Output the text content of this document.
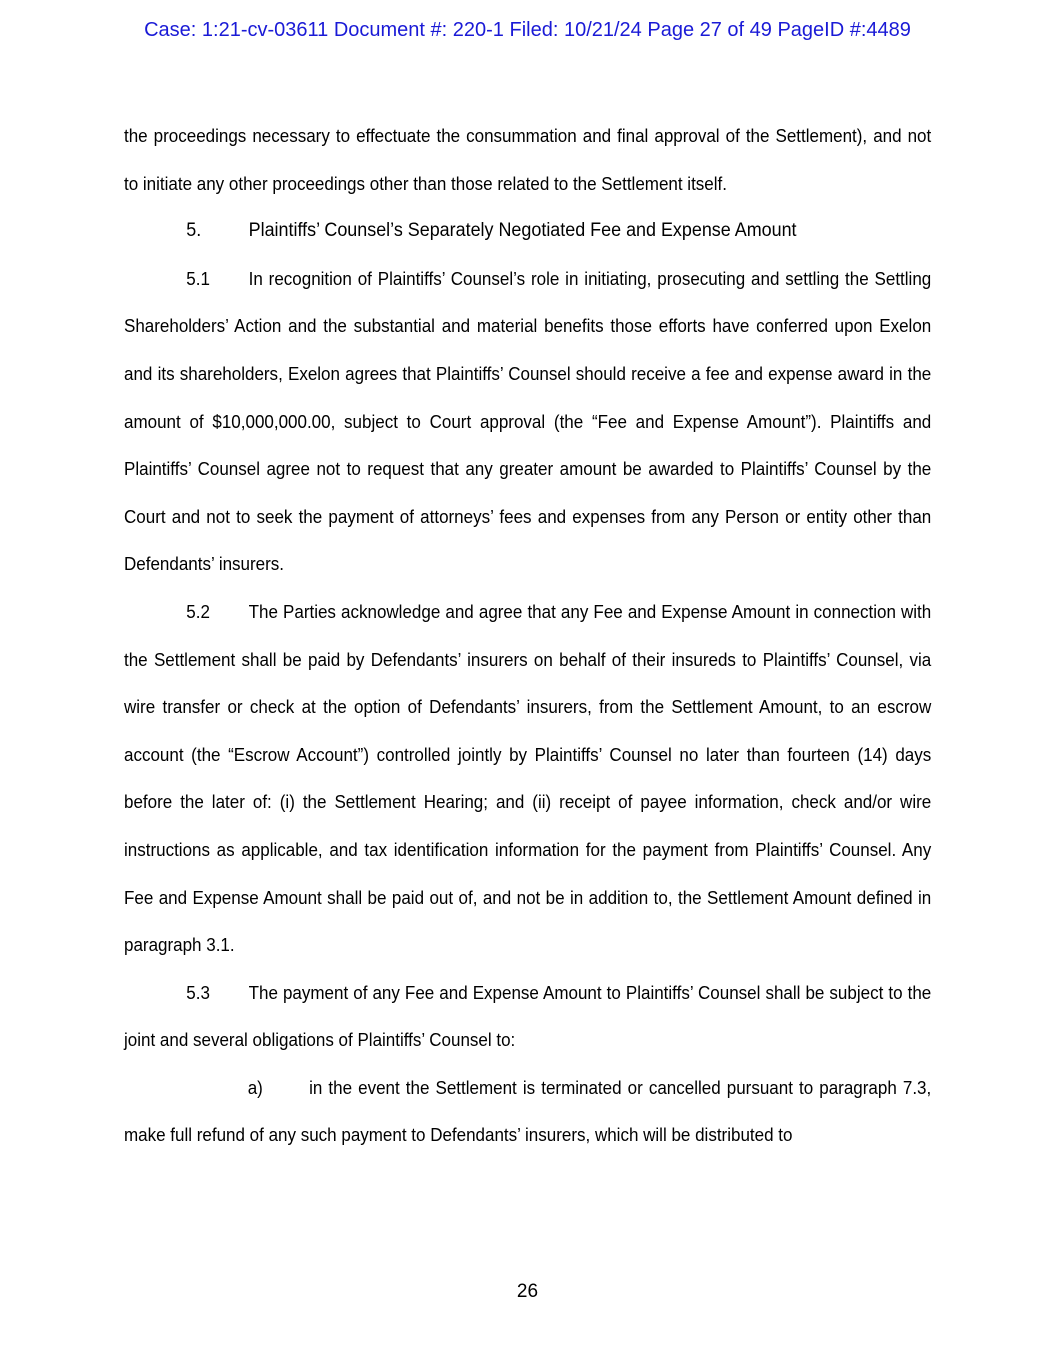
Case: 1:21-cv-03611 Document #: 220-1 Filed: 10/21/24 Page 27 of 49 PageID #:4489

the proceedings necessary to effectuate the consummation and final approval of the Settlement), and not to initiate any other proceedings other than those related to the Settlement itself.

5. Plaintiffs’ Counsel’s Separately Negotiated Fee and Expense Amount

5.1 In recognition of Plaintiffs’ Counsel’s role in initiating, prosecuting and settling the Settling Shareholders’ Action and the substantial and material benefits those efforts have conferred upon Exelon and its shareholders, Exelon agrees that Plaintiffs’ Counsel should receive a fee and expense award in the amount of $10,000,000.00, subject to Court approval (the “Fee and Expense Amount”). Plaintiffs and Plaintiffs’ Counsel agree not to request that any greater amount be awarded to Plaintiffs’ Counsel by the Court and not to seek the payment of attorneys’ fees and expenses from any Person or entity other than Defendants’ insurers.

5.2 The Parties acknowledge and agree that any Fee and Expense Amount in connection with the Settlement shall be paid by Defendants’ insurers on behalf of their insureds to Plaintiffs’ Counsel, via wire transfer or check at the option of Defendants’ insurers, from the Settlement Amount, to an escrow account (the “Escrow Account”) controlled jointly by Plaintiffs’ Counsel no later than fourteen (14) days before the later of: (i) the Settlement Hearing; and (ii) receipt of payee information, check and/or wire instructions as applicable, and tax identification information for the payment from Plaintiffs’ Counsel. Any Fee and Expense Amount shall be paid out of, and not be in addition to, the Settlement Amount defined in paragraph 3.1.

5.3 The payment of any Fee and Expense Amount to Plaintiffs’ Counsel shall be subject to the joint and several obligations of Plaintiffs’ Counsel to:

a)	in the event the Settlement is terminated or cancelled pursuant to paragraph 7.3, make full refund of any such payment to Defendants’ insurers, which will be distributed to

26
